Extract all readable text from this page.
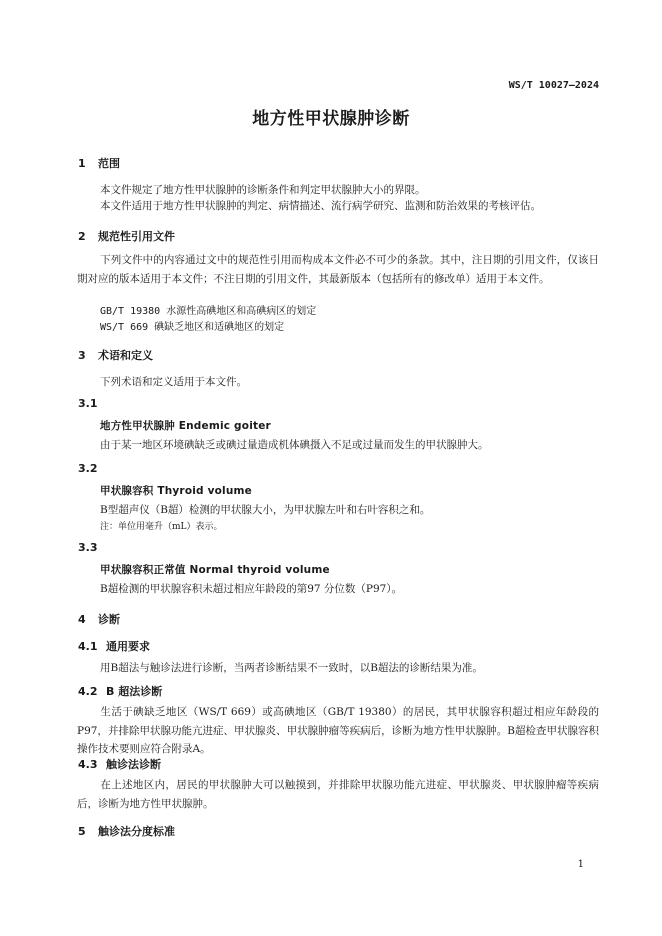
WS/T 10027—2024
地方性甲状腺肿诊断
1 范围
本文件规定了地方性甲状腺肿的诊断条件和判定甲状腺肿大小的界限。
本文件适用于地方性甲状腺肿的判定、病情描述、流行病学研究、监测和防治效果的考核评估。
2 规范性引用文件
下列文件中的内容通过文中的规范性引用而构成本文件必不可少的条款。其中，注日期的引用文件，仅该日期对应的版本适用于本文件；不注日期的引用文件，其最新版本（包括所有的修改单）适用于本文件。
GB/T 19380 水源性高碘地区和高碘病区的划定
WS/T 669 碘缺乏地区和适碘地区的划定
3 术语和定义
下列术语和定义适用于本文件。
3.1
地方性甲状腺肿 Endemic goiter
由于某一地区环境碘缺乏或碘过量造成机体碘摄入不足或过量而发生的甲状腺肿大。
3.2
甲状腺容积 Thyroid volume
B型超声仪（B超）检测的甲状腺大小，为甲状腺左叶和右叶容积之和。
注：单位用毫升（mL）表示。
3.3
甲状腺容积正常值 Normal thyroid volume
B超检测的甲状腺容积未超过相应年龄段的第97 分位数（P97）。
4 诊断
4.1 通用要求
用B超法与触诊法进行诊断，当两者诊断结果不一致时，以B超法的诊断结果为准。
4.2 B 超法诊断
生活于碘缺乏地区（WS/T 669）或高碘地区（GB/T 19380）的居民，其甲状腺容积超过相应年龄段的P97，并排除甲状腺功能亢进症、甲状腺炎、甲状腺肿瘤等疾病后，诊断为地方性甲状腺肿。B超检查甲状腺容积操作技术要则应符合附录A。
4.3 触诊法诊断
在上述地区内，居民的甲状腺肿大可以触摸到，并排除甲状腺功能亢进症、甲状腺炎、甲状腺肿瘤等疾病后，诊断为地方性甲状腺肿。
5 触诊法分度标准
1
